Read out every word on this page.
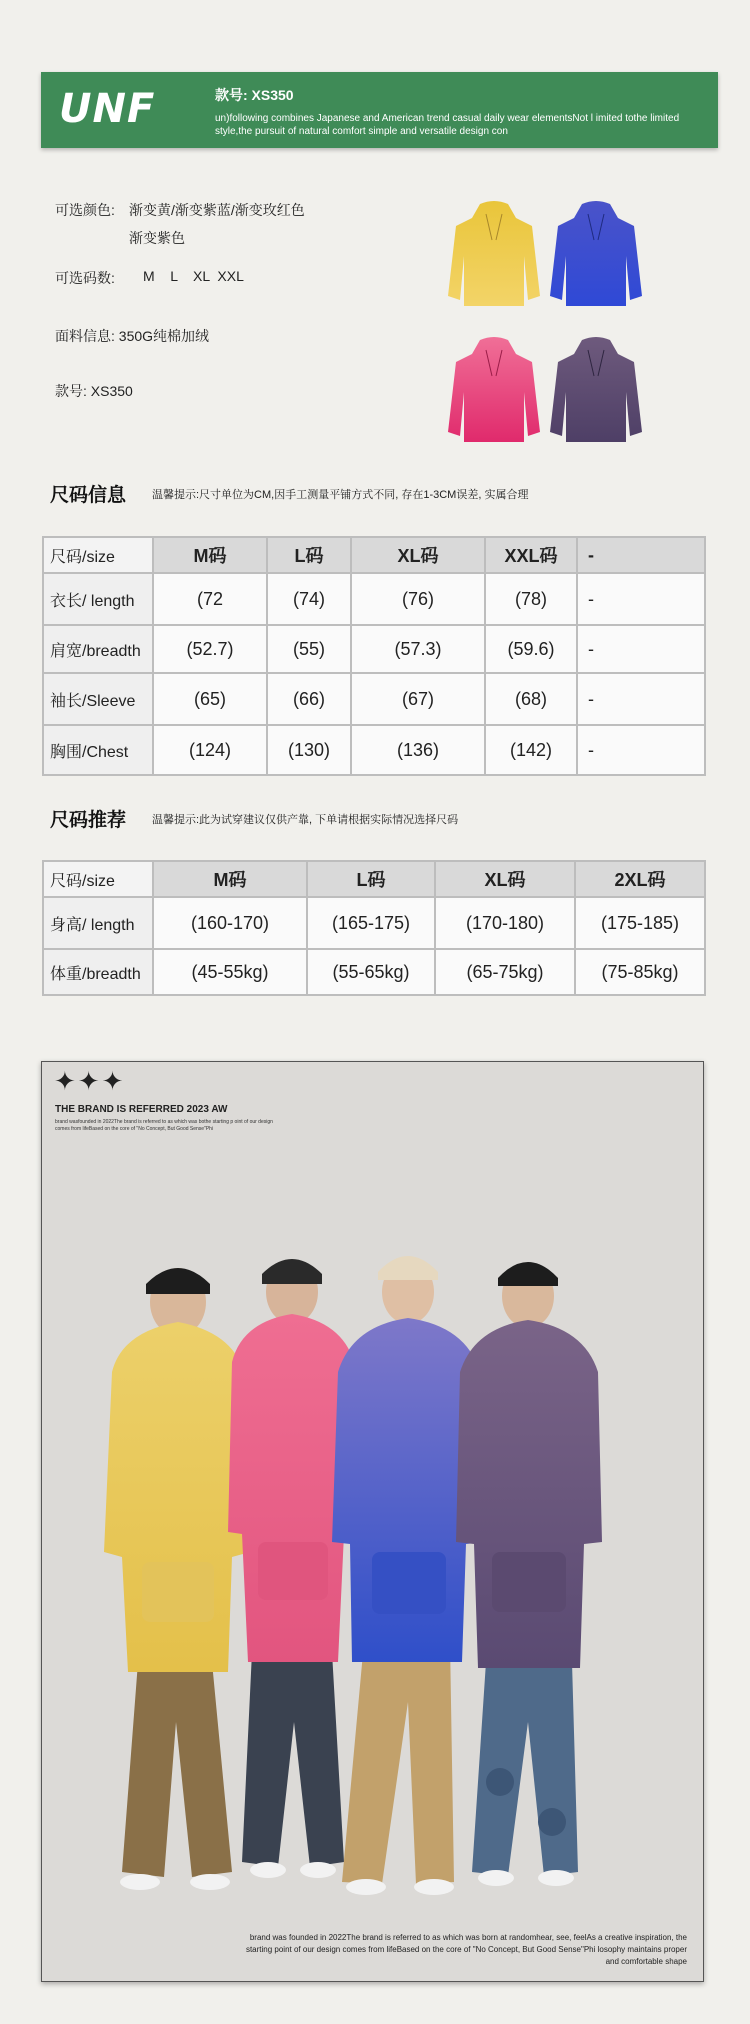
UNF	款号: XS350
un)following combines Japanese and American trend casual daily wear elementsNot l imited tothe limited style,the pursuit of natural comfort simple and versatile design con
可选颜色: 渐变黄/渐变紫蓝/渐变玫红色
渐变紫色
可选码数: M    L    XL  XXL
面料信息: 350G纯棉加绒
款号: XS350
尺码信息 温馨提示:尺寸单位为CM,因手工测量平铺方式不同, 存在1-3CM误差, 实属合理
尺码/size	M码	L码	XL码	XXL码	-
衣长/ length	(72	(74)	(76)	(78)	-
肩宽/breadth	(52.7)	(55)	(57.3)	(59.6)	-
袖长/Sleeve	(65)	(66)	(67)	(68)	-
胸围/Chest	(124)	(130)	(136)	(142)	-
尺码推荐 温馨提示:此为试穿建议仅供产靠, 下单请根据实际情况选择尺码
尺码/size	M码	L码	XL码	2XL码
身高/ length	(160-170)	(165-175)	(170-180)	(175-185)
体重/breadth	(45-55kg)	(55-65kg)	(65-75kg)	(75-85kg)
✦✦✦
THE BRAND IS REFERRED 2023 AW
brand wasfounded in 2022The brand is referred to as which was bothe starting p oint of our design comes from lifeBased on the core of "No Concept, But Good Sense"Phi
brand was founded in 2022The brand is referred to as which was born at randomhear, see, feelAs a creative inspiration, the starting point of our design comes from lifeBased on the core of "No Concept, But Good Sense"Phi losophy maintains proper and comfortable shape
